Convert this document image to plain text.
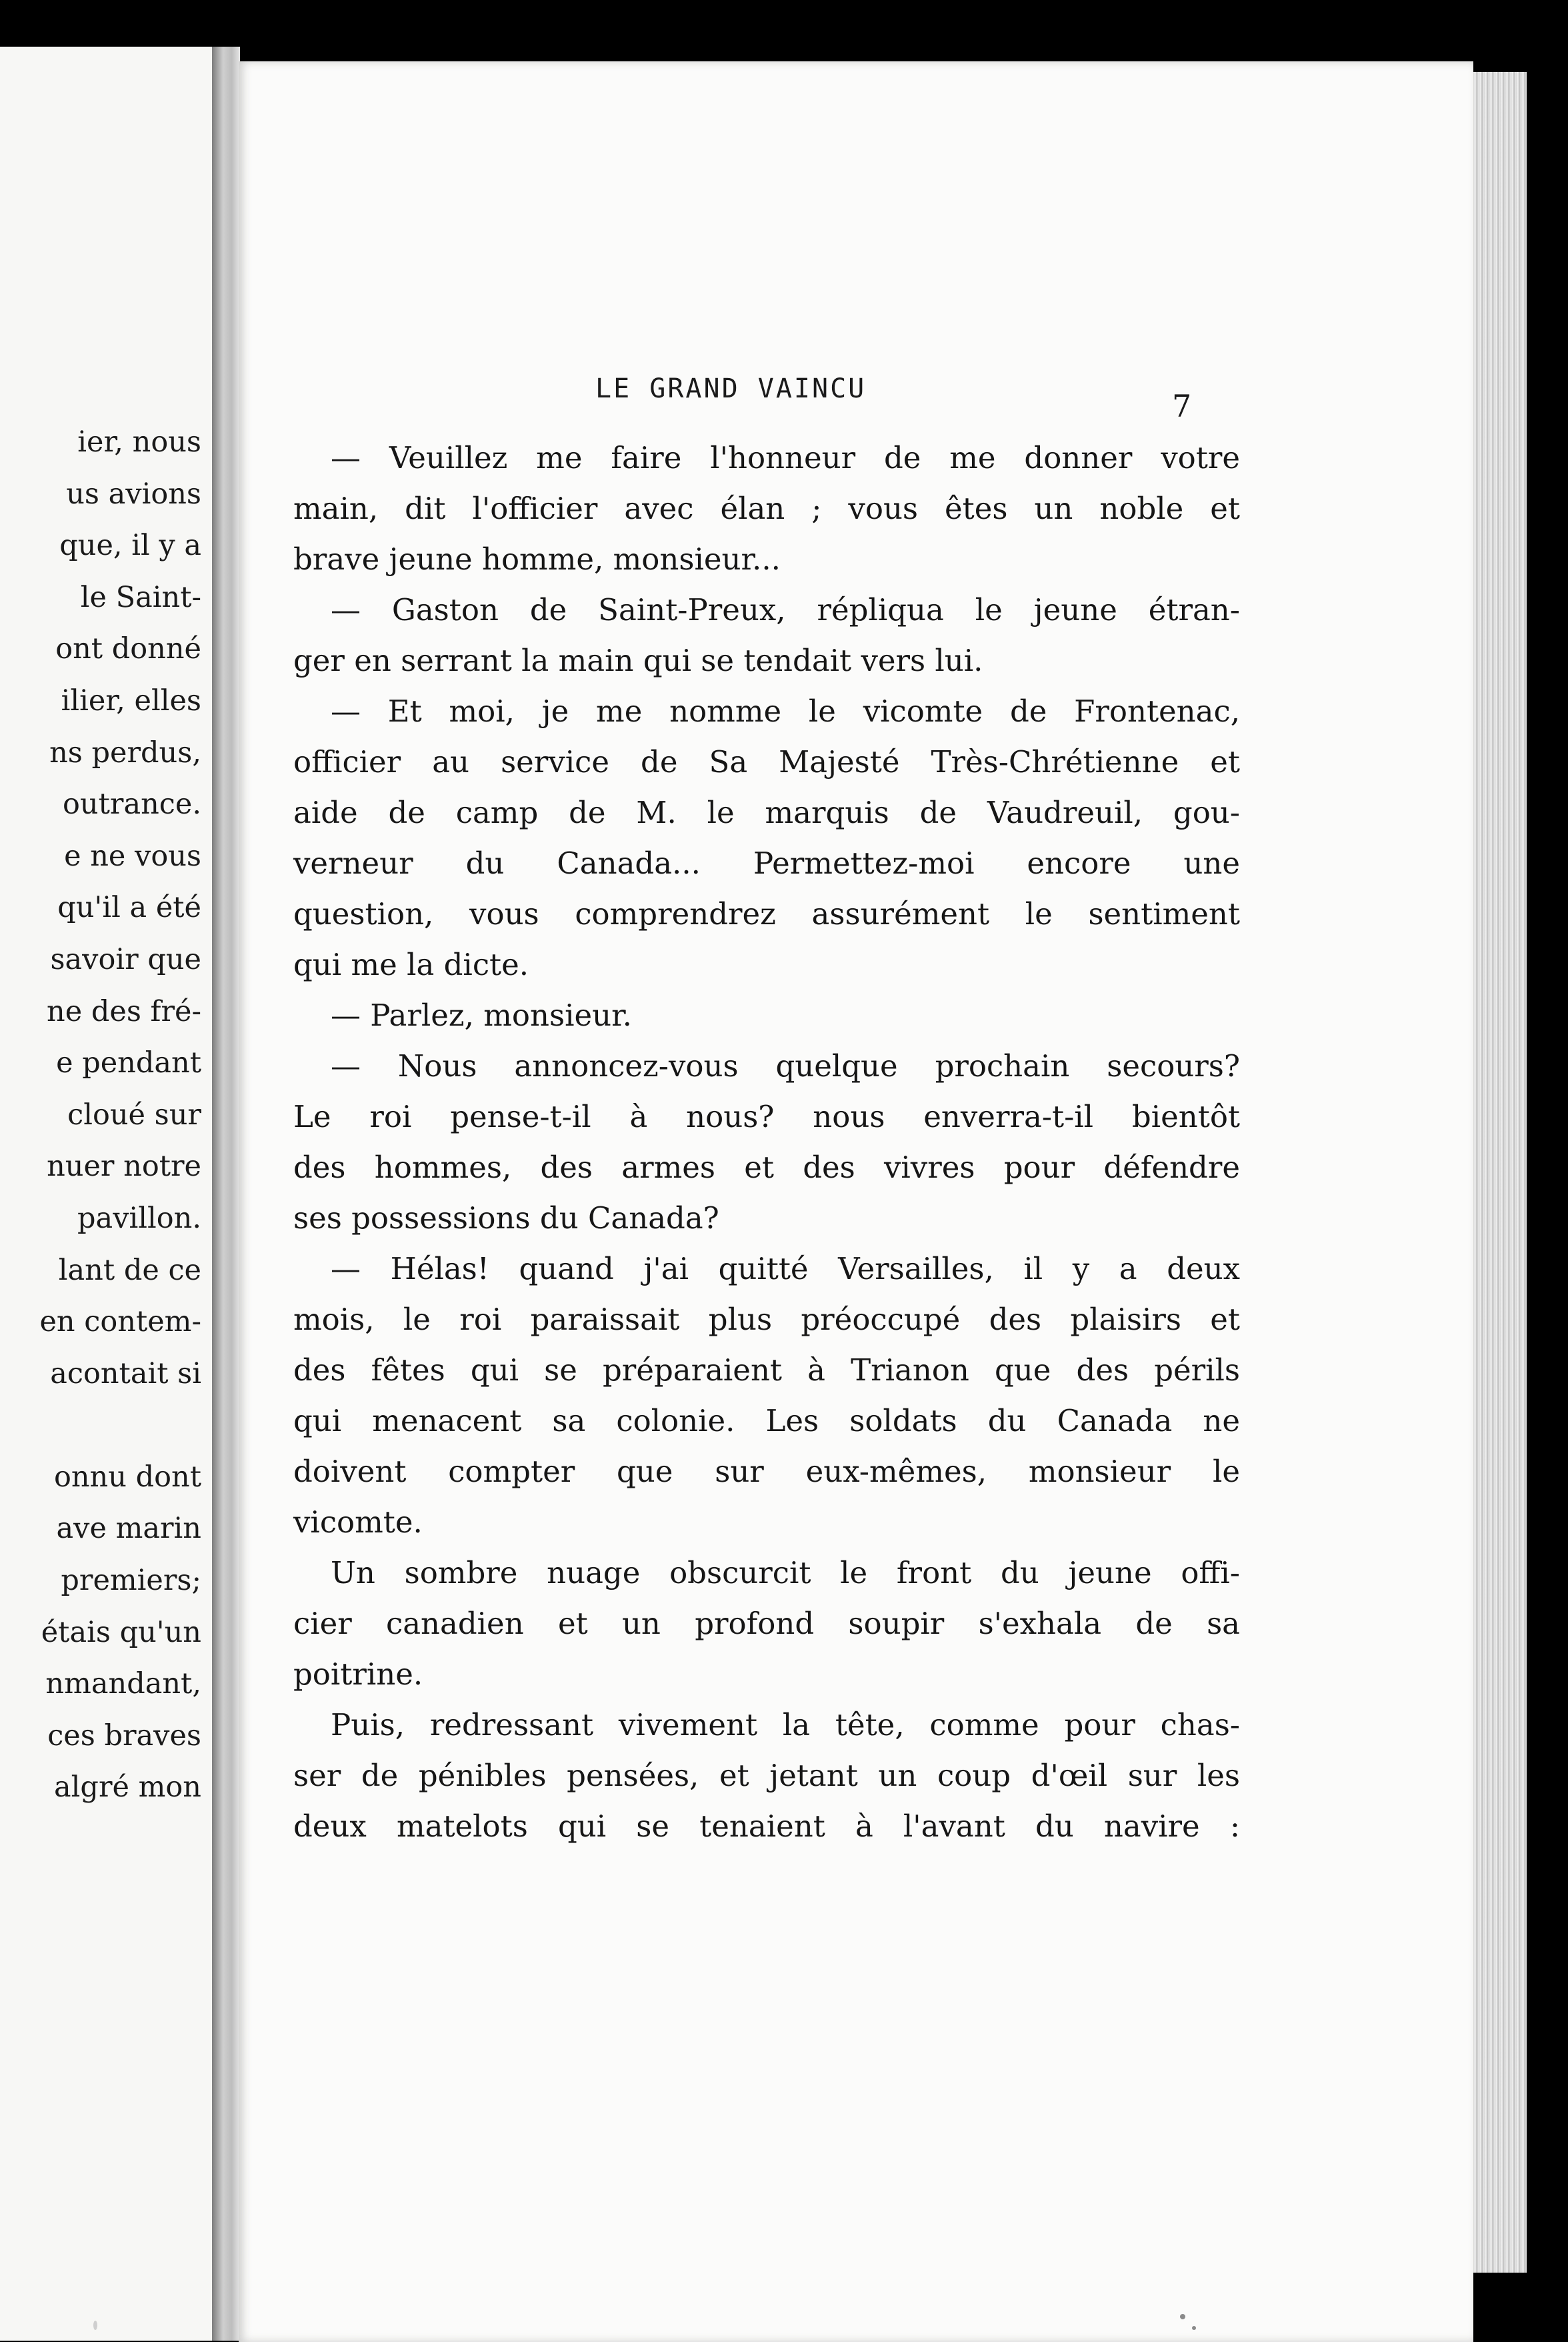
ier, nous
us avions
que, il y a
le Saint-
ont donné
ilier, elles
ns perdus,
outrance.
e ne vous
qu'il a été
savoir que
ne des fré-
e pendant
cloué sur
nuer notre
pavillon.
lant de ce
en contem-
acontait si
onnu dont
ave marin
premiers;
étais qu'un
nmandant,
ces braves
algré mon
LE GRAND VAINCU	7
— Veuillez me faire l'honneur de me donner votre
main, dit l'officier avec élan ; vous êtes un noble et
brave jeune homme, monsieur...
— Gaston de Saint-Preux, répliqua le jeune étran-
ger en serrant la main qui se tendait vers lui.
— Et moi, je me nomme le vicomte de Frontenac,
officier au service de Sa Majesté Très-Chrétienne et
aide de camp de M. le marquis de Vaudreuil, gou-
verneur du Canada... Permettez-moi encore une
question, vous comprendrez assurément le sentiment
qui me la dicte.
— Parlez, monsieur.
— Nous annoncez-vous quelque prochain secours?
Le roi pense-t-il à nous? nous enverra-t-il bientôt
des hommes, des armes et des vivres pour défendre
ses possessions du Canada?
— Hélas! quand j'ai quitté Versailles, il y a deux
mois, le roi paraissait plus préoccupé des plaisirs et
des fêtes qui se préparaient à Trianon que des périls
qui menacent sa colonie. Les soldats du Canada ne
doivent compter que sur eux-mêmes, monsieur le
vicomte.
Un sombre nuage obscurcit le front du jeune offi-
cier canadien et un profond soupir s'exhala de sa
poitrine.
Puis, redressant vivement la tête, comme pour chas-
ser de pénibles pensées, et jetant un coup d'œil sur les
deux matelots qui se tenaient à l'avant du navire :
